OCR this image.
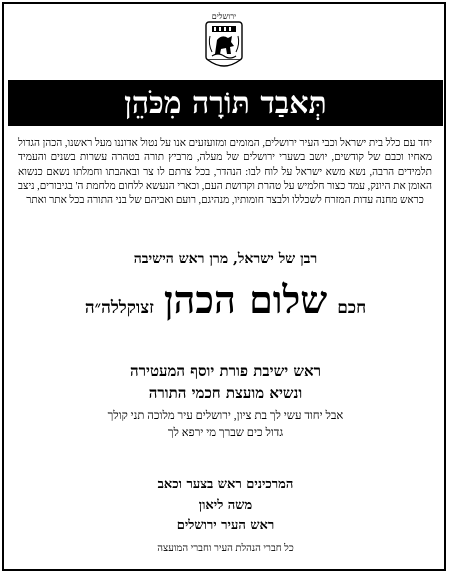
ירושלים
תְּאבַד תּוֹרָה מִכֹּהֵן
יחד עם כלל בית ישראל וכבי העיר ירושלים, המומים ומזועזעים אנו על נטול אדוננו מעל ראשנו, הכהן הגדול מאחיו וכבם של קודשים, יושב בשערי ירושלים של מעלה, מרביץ תורה בטהרה עשרות בשנים והעמיד תלמידים הרבה, נשא משא ישראל על לוח לבו: הנהדר, בכל צרתם לו צר ובאהבתו וחמלתו נשאם כנשוא האומן את היונק, עמד כצור חלמיש על טהרת וקדושת העם, וכארי הנעשא ללחום מלחמת ה' בגיבורים, ניצב כראש מחנה עדות המזרח לשכללו ולבצר חומותיו, מנהיגם, רועם ואביהם של בני התורה בכל אתר ואתר
רבן של ישראל, מרן ראש הישיבה
חכם
שלום הכהן
זצוקללה״ה
ראש ישיבת פורת יוסף המעטירה
ונשיא מועצת חכמי התורה
אבל יחוד עשי לך בת ציון, ירושלים עיר מלוכה תני קולך
גדול כים שברך מי ירפא לך
המרכינים ראש בצער וכאב
משה ליאון
ראש העיר ירושלים
כל חברי הנהלת העיר וחברי המועצה
